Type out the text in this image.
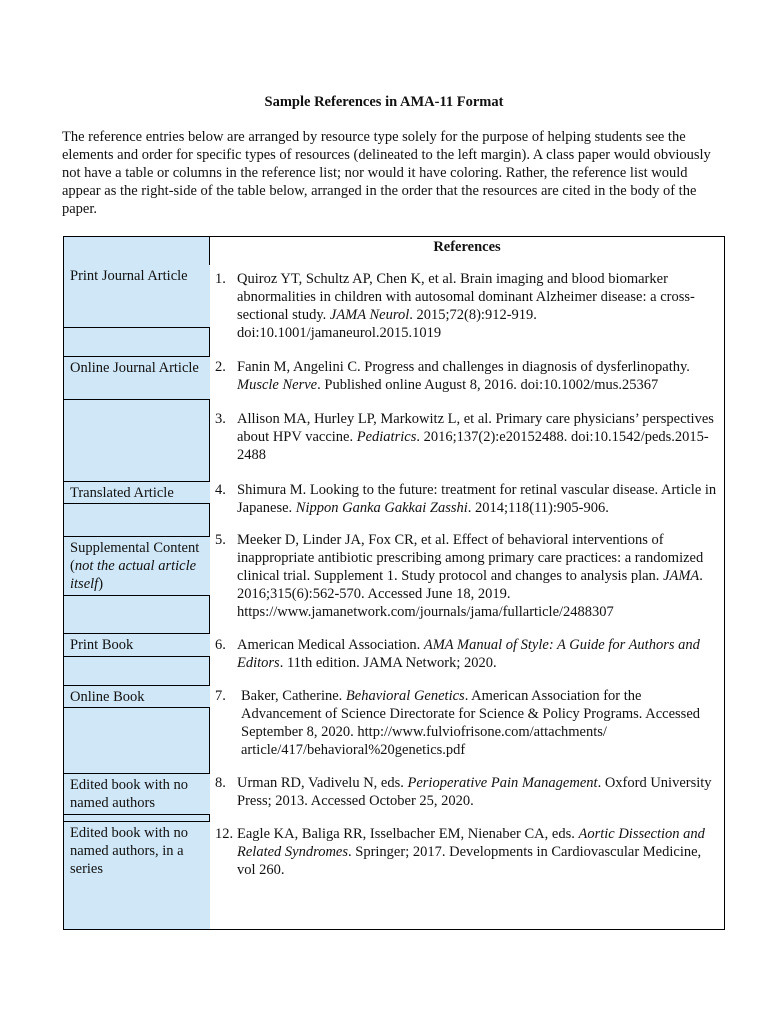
Sample References in AMA-11 Format

The reference entries below are arranged by resource type solely for the purpose of helping students see the elements and order for specific types of resources (delineated to the left margin). A class paper would obviously not have a table or columns in the reference list; nor would it have coloring. Rather, the reference list would appear as the right-side of the table below, arranged in the order that the resources are cited in the body of the paper.

References
Print Journal Article
Online Journal Article
Translated Article
Supplemental Content (not the actual article itself)
Print Book
Online Book
Edited book with no named authors
Edited book with no named authors, in a series
1. Quiroz YT, Schultz AP, Chen K, et al. Brain imaging and blood biomarker abnormalities in children with autosomal dominant Alzheimer disease: a cross-sectional study. JAMA Neurol. 2015;72(8):912-919. doi:10.1001/jamaneurol.2015.1019
2. Fanin M, Angelini C. Progress and challenges in diagnosis of dysferlinopathy. Muscle Nerve. Published online August 8, 2016. doi:10.1002/mus.25367
3. Allison MA, Hurley LP, Markowitz L, et al. Primary care physicians’ perspectives about HPV vaccine. Pediatrics. 2016;137(2):e20152488. doi:10.1542/peds.2015-2488
4. Shimura M. Looking to the future: treatment for retinal vascular disease. Article in Japanese. Nippon Ganka Gakkai Zasshi. 2014;118(11):905-906.
5. Meeker D, Linder JA, Fox CR, et al. Effect of behavioral interventions of inappropriate antibiotic prescribing among primary care practices: a randomized clinical trial. Supplement 1. Study protocol and changes to analysis plan. JAMA. 2016;315(6):562-570. Accessed June 18, 2019. https://www.jamanetwork.com/journals/jama/fullarticle/2488307
6. American Medical Association. AMA Manual of Style: A Guide for Authors and Editors. 11th edition. JAMA Network; 2020.
7. Baker, Catherine. Behavioral Genetics. American Association for the Advancement of Science Directorate for Science & Policy Programs. Accessed September 8, 2020. http://www.fulviofrisone.com/attachments/ article/417/behavioral%20genetics.pdf
8. Urman RD, Vadivelu N, eds. Perioperative Pain Management. Oxford University Press; 2013. Accessed October 25, 2020.
12. Eagle KA, Baliga RR, Isselbacher EM, Nienaber CA, eds. Aortic Dissection and Related Syndromes. Springer; 2017. Developments in Cardiovascular Medicine, vol 260.
